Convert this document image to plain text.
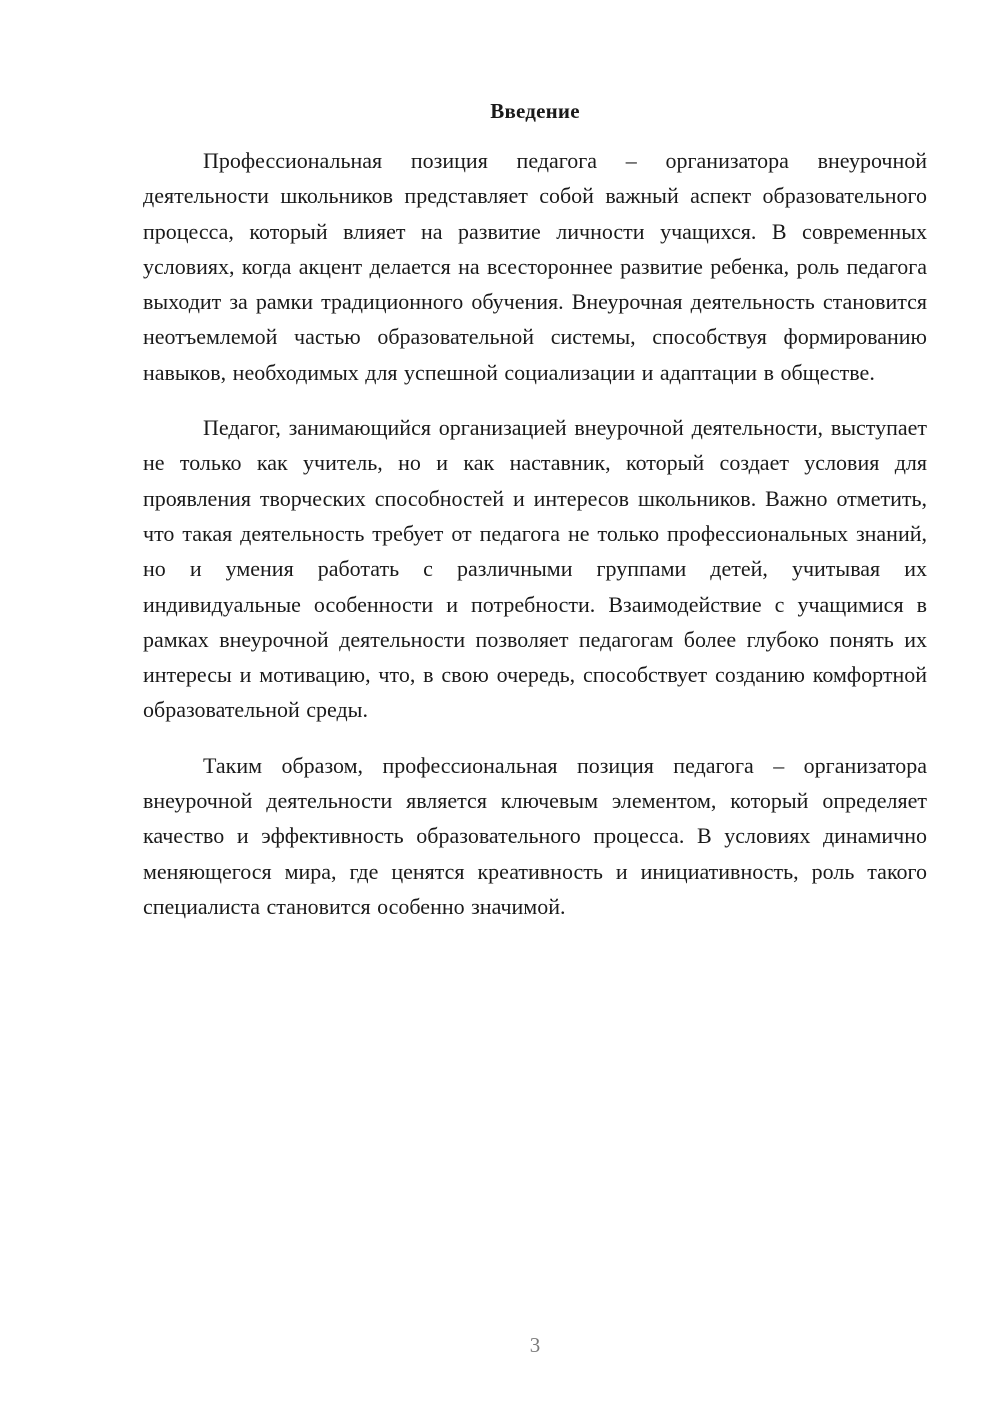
Введение

Профессиональная позиция педагога – организатора внеурочной деятельности школьников представляет собой важный аспект образовательного процесса, который влияет на развитие личности учащихся. В современных условиях, когда акцент делается на всестороннее развитие ребенка, роль педагога выходит за рамки традиционного обучения. Внеурочная деятельность становится неотъемлемой частью образовательной системы, способствуя формированию навыков, необходимых для успешной социализации и адаптации в обществе.

Педагог, занимающийся организацией внеурочной деятельности, выступает не только как учитель, но и как наставник, который создает условия для проявления творческих способностей и интересов школьников. Важно отметить, что такая деятельность требует от педагога не только профессиональных знаний, но и умения работать с различными группами детей, учитывая их индивидуальные особенности и потребности. Взаимодействие с учащимися в рамках внеурочной деятельности позволяет педагогам более глубоко понять их интересы и мотивацию, что, в свою очередь, способствует созданию комфортной образовательной среды.

Таким образом, профессиональная позиция педагога – организатора внеурочной деятельности является ключевым элементом, который определяет качество и эффективность образовательного процесса. В условиях динамично меняющегося мира, где ценятся креативность и инициативность, роль такого специалиста становится особенно значимой.

3
